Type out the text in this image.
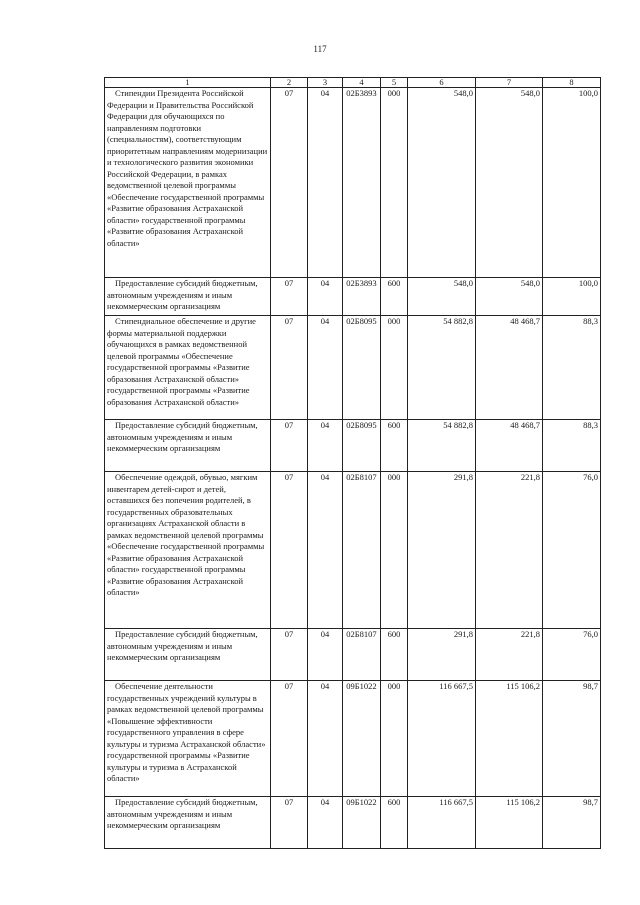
117
1	2	3	4	5	6	7	8
Стипендии Президента Российской Федерации и Правительства Российской Федерации для обучающихся по направлениям подготовки (специальностям), соответствующим приоритетным направлениям модернизации и технологического развития экономики Российской Федерации, в рамках ведомственной целевой программы «Обеспечение государственной программы «Развитие образования Астраханской области» государственной программы «Развитие образования Астраханской области»	07	04	02Б3893	000	548,0	548,0	100,0
Предоставление субсидий бюджетным, автономным учреждениям и иным некоммерческим организациям	07	04	02Б3893	600	548,0	548,0	100,0
Стипендиальное обеспечение и другие формы материальной поддержки обучающихся в рамках ведомственной целевой программы «Обеспечение государственной программы «Развитие образования Астраханской области» государственной программы «Развитие образования Астраханской области»	07	04	02Б8095	000	54 882,8	48 468,7	88,3
Предоставление субсидий бюджетным, автономным учреждениям и иным некоммерческим организациям	07	04	02Б8095	600	54 882,8	48 468,7	88,3
Обеспечение одеждой, обувью, мягким инвентарем детей-сирот и детей, оставшихся без попечения родителей, в государственных образовательных организациях Астраханской области в рамках ведомственной целевой программы «Обеспечение государственной программы «Развитие образования Астраханской области» государственной программы «Развитие образования Астраханской области»	07	04	02Б8107	000	291,8	221,8	76,0
Предоставление субсидий бюджетным, автономным учреждениям и иным некоммерческим организациям	07	04	02Б8107	600	291,8	221,8	76,0
Обеспечение деятельности государственных учреждений культуры в рамках ведомственной целевой программы «Повышение эффективности государственного управления в сфере культуры и туризма Астраханской области» государственной программы «Развитие культуры и туризма в Астраханской области»	07	04	09Б1022	000	116 667,5	115 106,2	98,7
Предоставление субсидий бюджетным, автономным учреждениям и иным некоммерческим организациям	07	04	09Б1022	600	116 667,5	115 106,2	98,7
